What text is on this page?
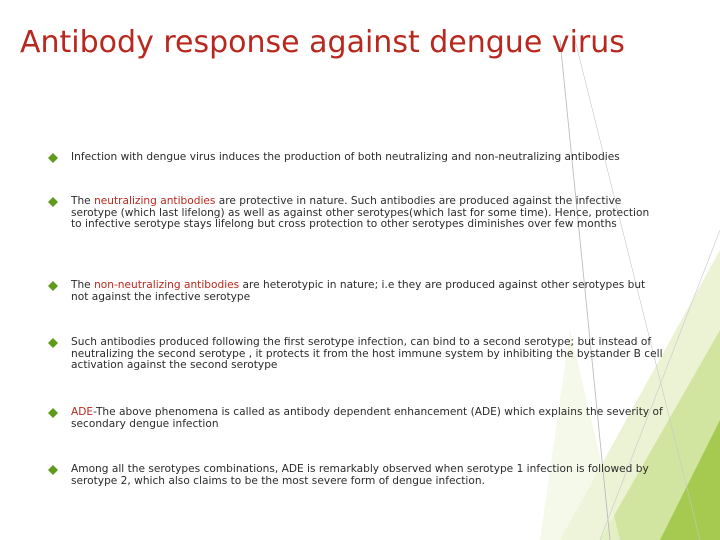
Antibody response against dengue virus
Infection with dengue virus induces the production of both neutralizing and non-neutralizing antibodies
The neutralizing antibodies are protective in nature. Such antibodies are produced against the infective serotype (which last lifelong) as well as against other serotypes(which last for some time). Hence, protection to infective serotype stays lifelong but cross protection to other serotypes diminishes over few months
The non-neutralizing antibodies are heterotypic in nature; i.e they are produced against other serotypes but not against the infective serotype
Such antibodies produced following the first serotype infection, can bind to a second serotype; but instead of neutralizing the second serotype , it protects it from the host immune system by inhibiting the bystander B cell activation against the second serotype
ADE-The above phenomena is called as antibody dependent enhancement (ADE) which explains the severity of secondary dengue infection
Among all the serotypes combinations, ADE is remarkably observed when serotype 1 infection is followed by serotype 2, which also claims to be the most severe form of dengue infection.
